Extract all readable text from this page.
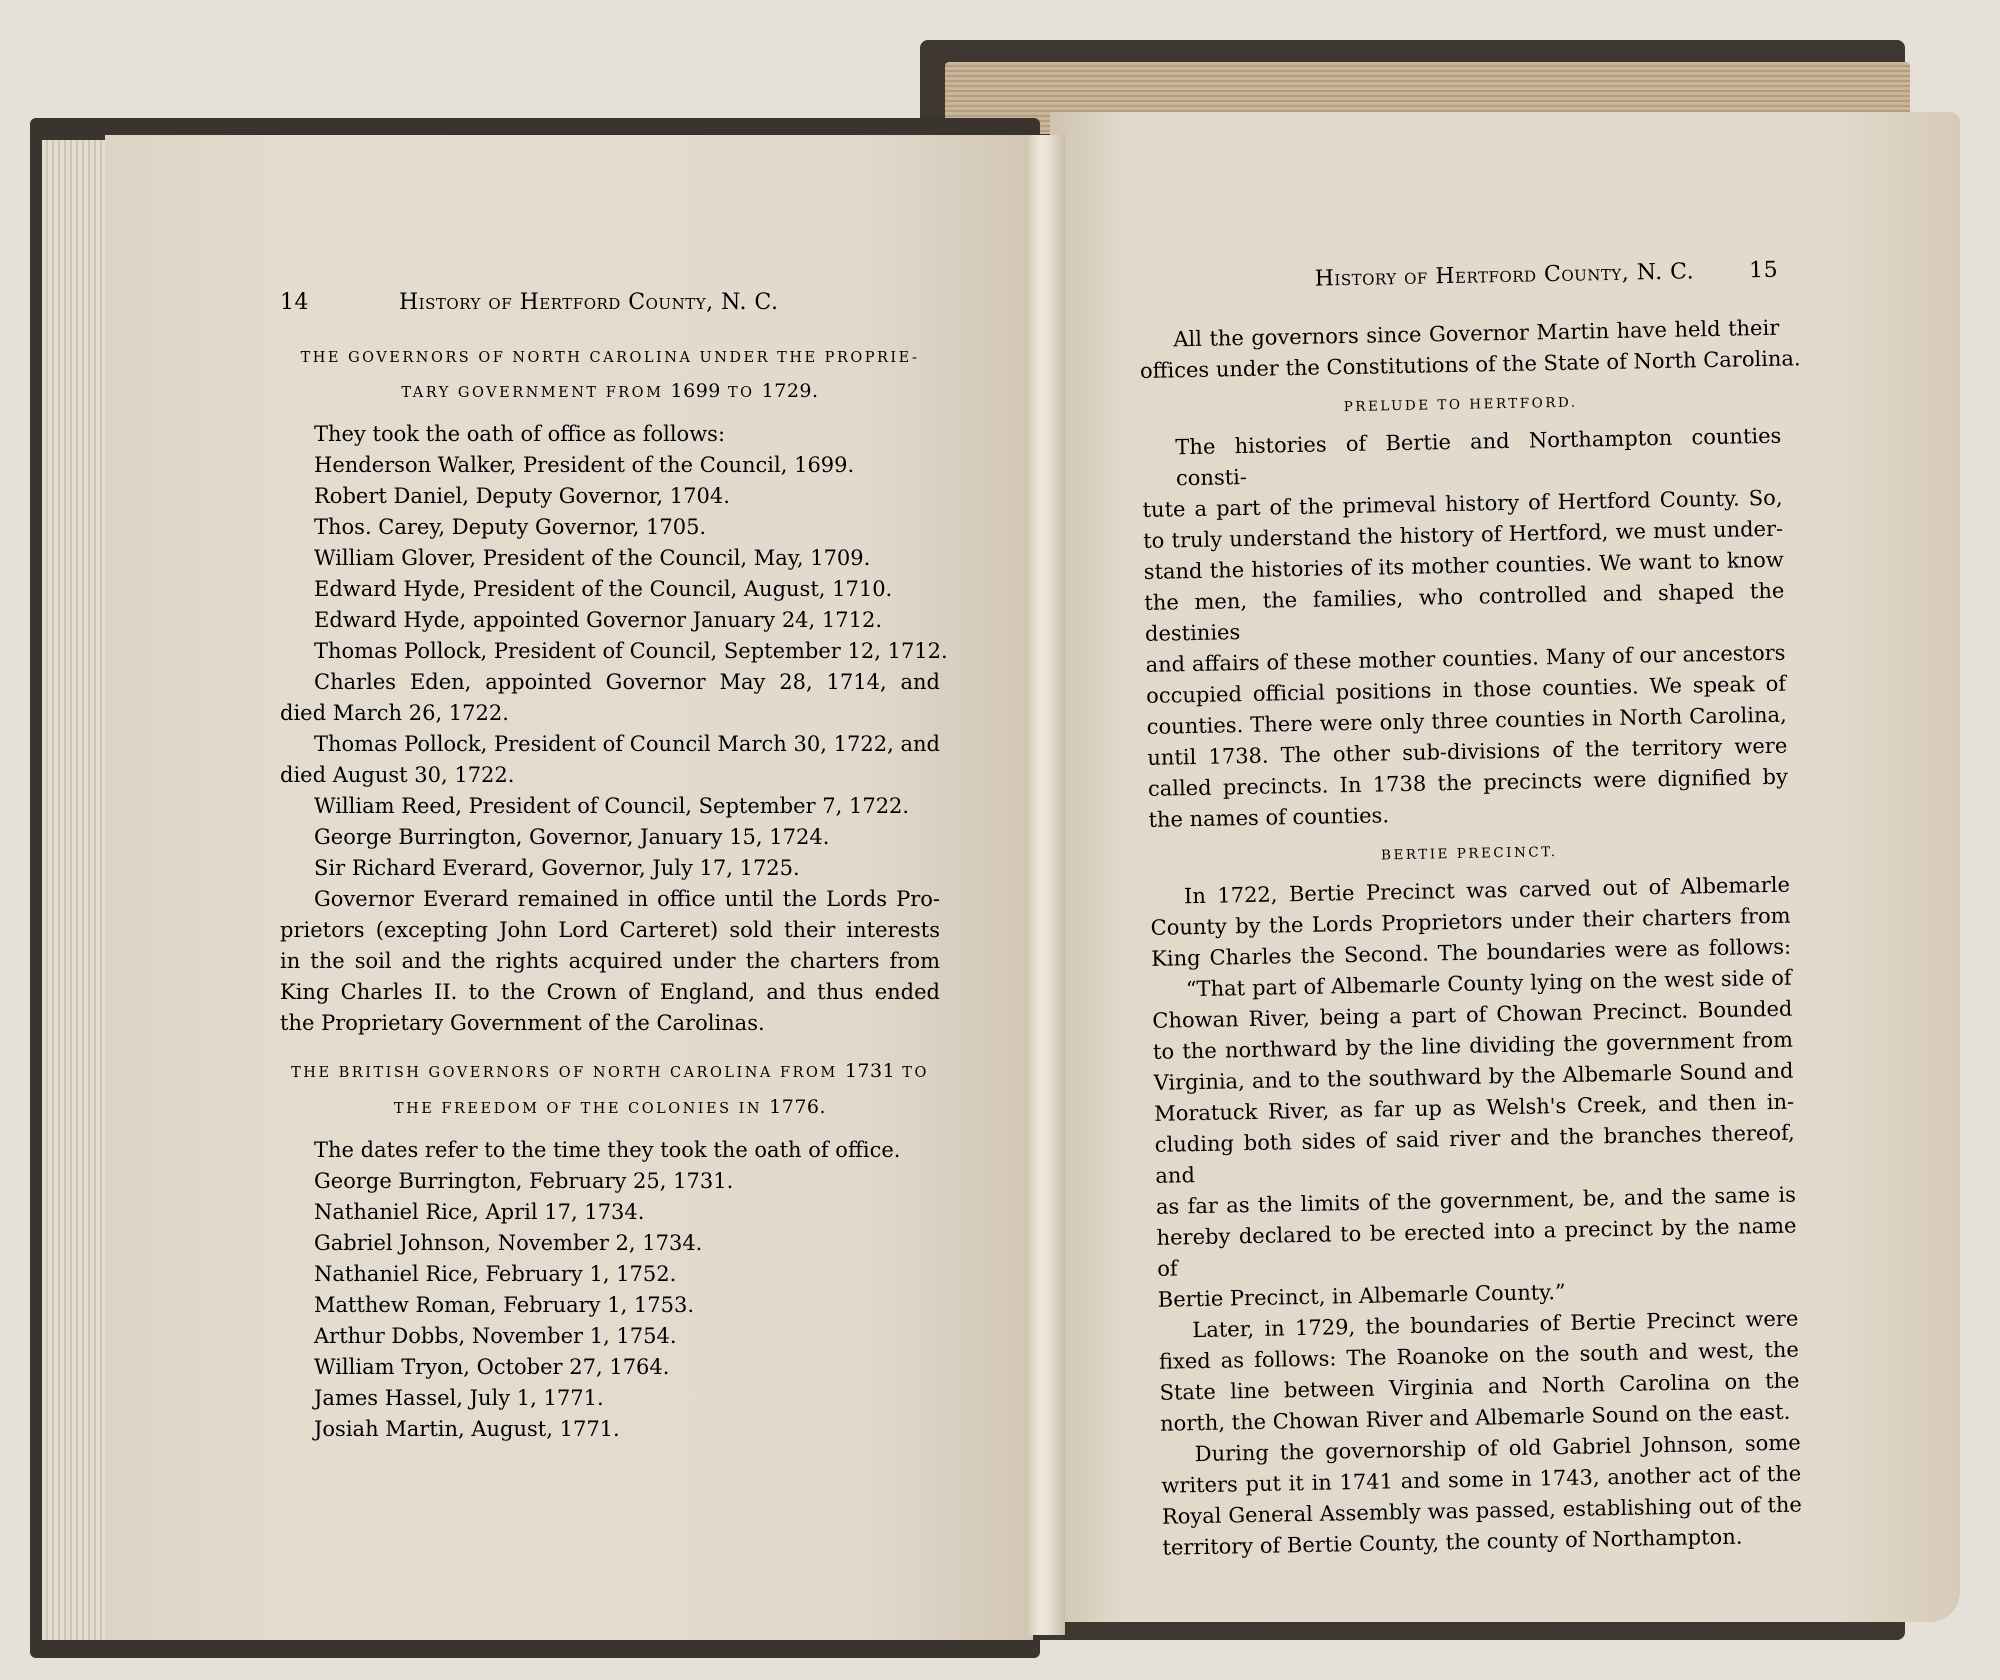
14	History of Hertford County, N. C.
THE GOVERNORS OF NORTH CAROLINA UNDER THE PROPRIE-
TARY GOVERNMENT FROM 1699 TO 1729.
They took the oath of office as follows:
Henderson Walker, President of the Council, 1699.
Robert Daniel, Deputy Governor, 1704.
Thos. Carey, Deputy Governor, 1705.
William Glover, President of the Council, May, 1709.
Edward Hyde, President of the Council, August, 1710.
Edward Hyde, appointed Governor January 24, 1712.
Thomas Pollock, President of Council, September 12, 1712.
Charles Eden, appointed Governor May 28, 1714, and
died March 26, 1722.
Thomas Pollock, President of Council March 30, 1722, and
died August 30, 1722.
William Reed, President of Council, September 7, 1722.
George Burrington, Governor, January 15, 1724.
Sir Richard Everard, Governor, July 17, 1725.
Governor Everard remained in office until the Lords Pro-
prietors (excepting John Lord Carteret) sold their interests
in the soil and the rights acquired under the charters from
King Charles II. to the Crown of England, and thus ended
the Proprietary Government of the Carolinas.
THE BRITISH GOVERNORS OF NORTH CAROLINA FROM 1731 TO
THE FREEDOM OF THE COLONIES IN 1776.
The dates refer to the time they took the oath of office.
George Burrington, February 25, 1731.
Nathaniel Rice, April 17, 1734.
Gabriel Johnson, November 2, 1734.
Nathaniel Rice, February 1, 1752.
Matthew Roman, February 1, 1753.
Arthur Dobbs, November 1, 1754.
William Tryon, October 27, 1764.
James Hassel, July 1, 1771.
Josiah Martin, August, 1771.
History of Hertford County, N. C. 15
All the governors since Governor Martin have held their
offices under the Constitutions of the State of North Carolina.
PRELUDE TO HERTFORD.
The histories of Bertie and Northampton counties consti-
tute a part of the primeval history of Hertford County. So,
to truly understand the history of Hertford, we must under-
stand the histories of its mother counties. We want to know
the men, the families, who controlled and shaped the destinies
and affairs of these mother counties. Many of our ancestors
occupied official positions in those counties. We speak of
counties. There were only three counties in North Carolina,
until 1738. The other sub-divisions of the territory were
called precincts. In 1738 the precincts were dignified by
the names of counties.
BERTIE PRECINCT.
In 1722, Bertie Precinct was carved out of Albemarle
County by the Lords Proprietors under their charters from
King Charles the Second. The boundaries were as follows:
“That part of Albemarle County lying on the west side of
Chowan River, being a part of Chowan Precinct. Bounded
to the northward by the line dividing the government from
Virginia, and to the southward by the Albemarle Sound and
Moratuck River, as far up as Welsh's Creek, and then in-
cluding both sides of said river and the branches thereof, and
as far as the limits of the government, be, and the same is
hereby declared to be erected into a precinct by the name of
Bertie Precinct, in Albemarle County.”
Later, in 1729, the boundaries of Bertie Precinct were
fixed as follows: The Roanoke on the south and west, the
State line between Virginia and North Carolina on the
north, the Chowan River and Albemarle Sound on the east.
During the governorship of old Gabriel Johnson, some
writers put it in 1741 and some in 1743, another act of the
Royal General Assembly was passed, establishing out of the
territory of Bertie County, the county of Northampton.
